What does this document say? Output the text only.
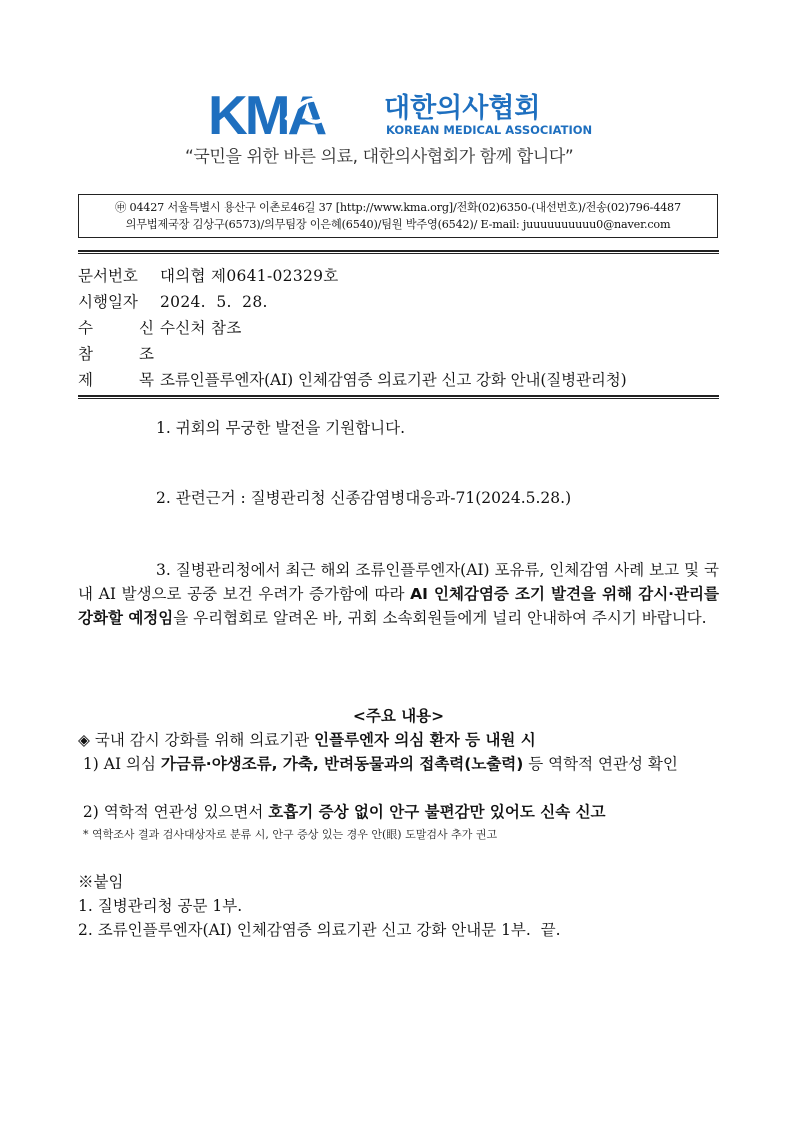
KMA 대한의사협회
KOREAN MEDICAL ASSOCIATION
“국민을 위한 바른 의료, 대한의사협회가 함께 합니다”
㊥ 04427 서울특별시 용산구 이촌로46길 37 [http://www.kma.org]/전화(02)6350-(내선번호)/전송(02)796-4487
의무법제국장 김상구(6573)/의무팀장 이은혜(6540)/팀원 박주영(6542)/ E-mail: juuuuuuuuuu0@naver.com
문서번호 대의협 제0641-02329호
시행일자 2024.  5.  28.
수 신 수신처 참조
참 조
제 목 조류인플루엔자(AI) 인체감염증 의료기관 신고 강화 안내(질병관리청)
1. 귀회의 무궁한 발전을 기원합니다.
2. 관련근거 : 질병관리청 신종감염병대응과-71(2024.5.28.)
3. 질병관리청에서 최근 해외 조류인플루엔자(AI) 포유류, 인체감염 사례 보고 및 국내 AI 발생으로 공중 보건 우려가 증가함에 따라 AI 인체감염증 조기 발견을 위해 감시·관리를 강화할 예정임을 우리협회로 알려온 바, 귀회 소속회원들에게 널리 안내하여 주시기 바랍니다.
<주요 내용>
◈ 국내 감시 강화를 위해 의료기관 인플루엔자 의심 환자 등 내원 시
1) AI 의심 가금류·야생조류, 가축, 반려동물과의 접촉력(노출력) 등 역학적 연관성 확인
2) 역학적 연관성 있으면서 호흡기 증상 없이 안구 불편감만 있어도 신속 신고
* 역학조사 결과 검사대상자로 분류 시, 안구 증상 있는 경우 안(眼) 도말검사 추가 권고
※붙임
1. 질병관리청 공문 1부.
2. 조류인플루엔자(AI) 인체감염증 의료기관 신고 강화 안내문 1부.  끝.
